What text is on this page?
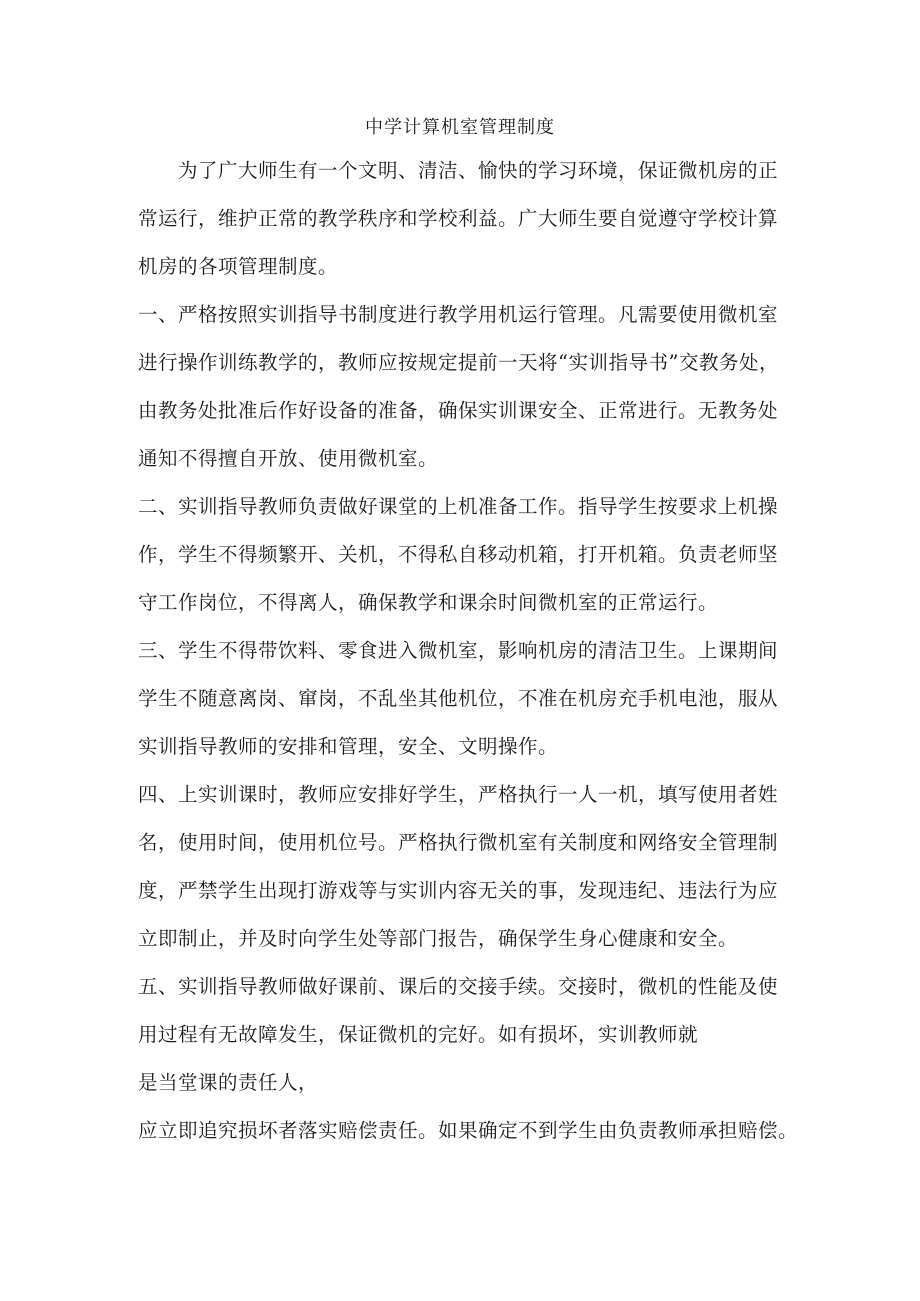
中学计算机室管理制度
　　为了广大师生有一个文明、清洁、愉快的学习环境，保证微机房的正
常运行，维护正常的教学秩序和学校利益。广大师生要自觉遵守学校计算
机房的各项管理制度。
一、严格按照实训指导书制度进行教学用机运行管理。凡需要使用微机室
进行操作训练教学的，教师应按规定提前一天将“实训指导书”交教务处，
由教务处批准后作好设备的准备，确保实训课安全、正常进行。无教务处
通知不得擅自开放、使用微机室。
二、实训指导教师负责做好课堂的上机准备工作。指导学生按要求上机操
作，学生不得频繁开、关机，不得私自移动机箱，打开机箱。负责老师坚
守工作岗位，不得离人，确保教学和课余时间微机室的正常运行。
三、学生不得带饮料、零食进入微机室，影响机房的清洁卫生。上课期间
学生不随意离岗、窜岗，不乱坐其他机位，不准在机房充手机电池，服从
实训指导教师的安排和管理，安全、文明操作。
四、上实训课时，教师应安排好学生，严格执行一人一机，填写使用者姓
名，使用时间，使用机位号。严格执行微机室有关制度和网络安全管理制
度，严禁学生出现打游戏等与实训内容无关的事，发现违纪、违法行为应
立即制止，并及时向学生处等部门报告，确保学生身心健康和安全。
五、实训指导教师做好课前、课后的交接手续。交接时，微机的性能及使
用过程有无故障发生，保证微机的完好。如有损坏，实训教师就
是当堂课的责任人，
应立即追究损坏者落实赔偿责任。如果确定不到学生由负责教师承担赔偿。
